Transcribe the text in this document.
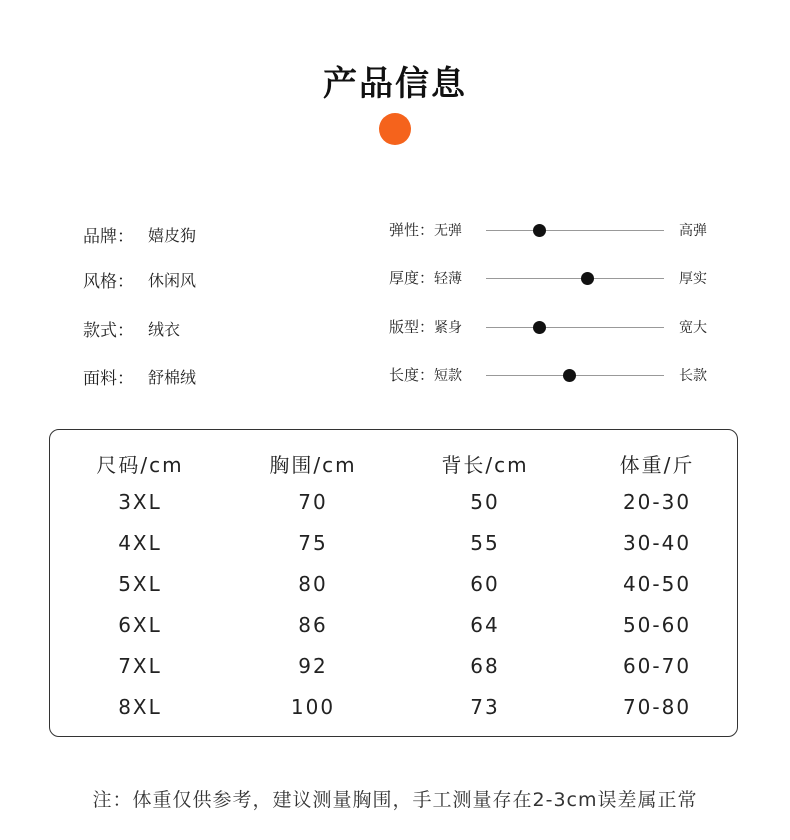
产品信息
品牌： 嬉皮狗
风格： 休闲风
款式： 绒衣
面料： 舒棉绒
弹性：无弹	高弹
厚度：轻薄	厚实
版型：紧身	宽大
长度：短款	长款
尺码/cm	胸围/cm	背长/cm	体重/斤
3XL	70	50	20-30
4XL	75	55	30-40
5XL	80	60	40-50
6XL	86	64	50-60
7XL	92	68	60-70
8XL	100	73	70-80
注：体重仅供参考，建议测量胸围，手工测量存在2-3cm误差属正常
